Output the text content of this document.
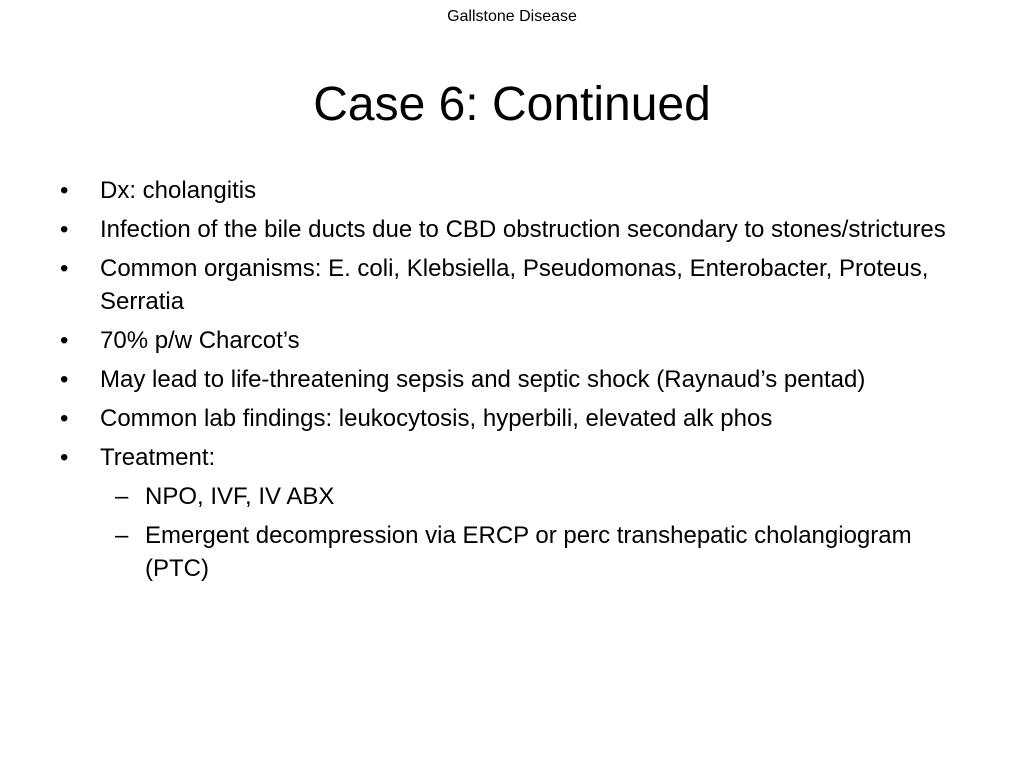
Gallstone Disease
Case 6: Continued
• Dx: cholangitis
• Infection of the bile ducts due to CBD obstruction secondary to stones/strictures
• Common organisms: E. coli, Klebsiella, Pseudomonas, Enterobacter, Proteus, Serratia
• 70% p/w Charcot’s
• May lead to life-threatening sepsis and septic shock (Raynaud’s pentad)
• Common lab findings: leukocytosis, hyperbili, elevated alk phos
• Treatment:
– NPO, IVF, IV ABX
– Emergent decompression via ERCP or perc transhepatic cholangiogram (PTC)
